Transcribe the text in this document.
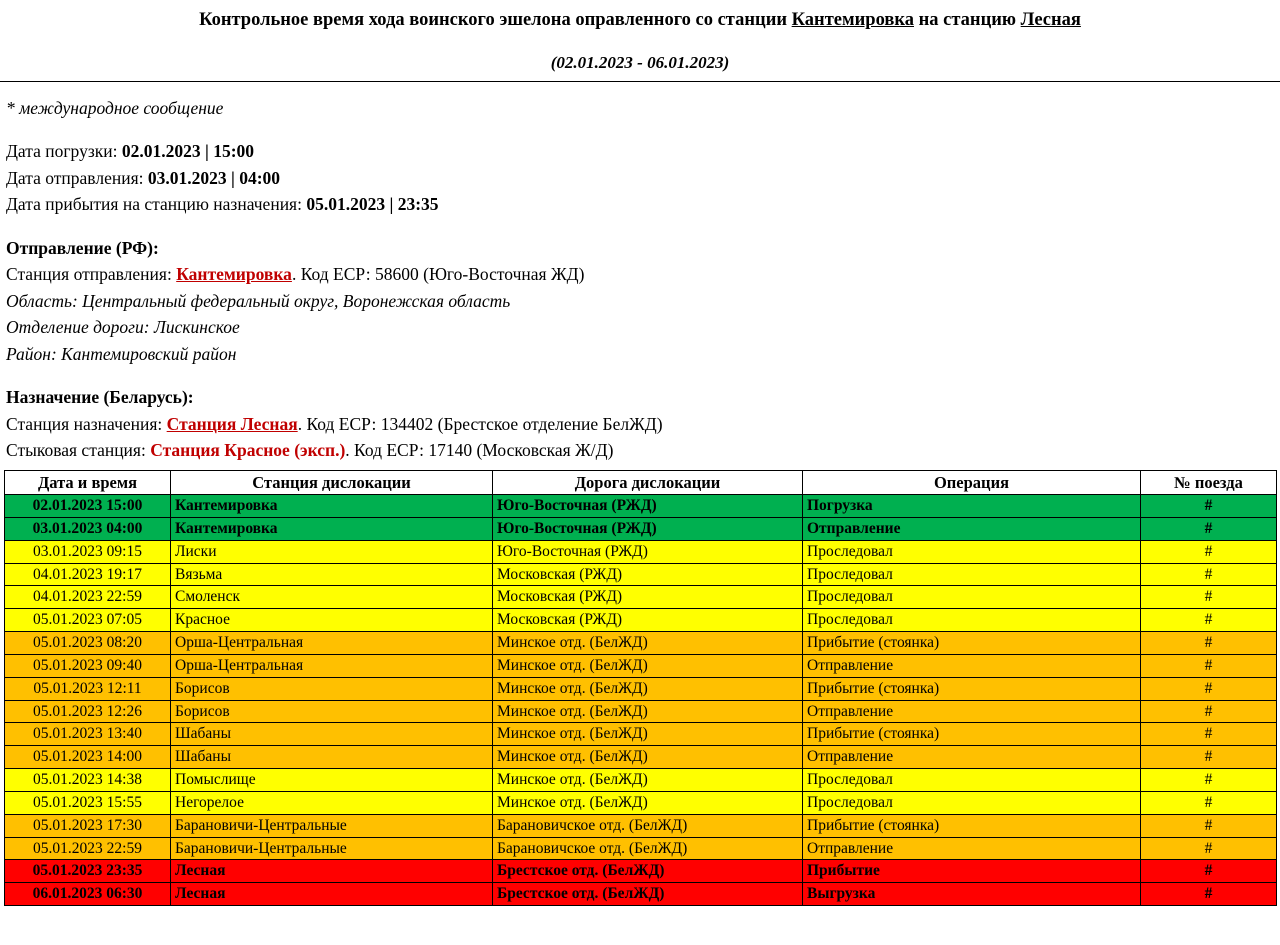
Контрольное время хода воинского эшелона оправленного со станции Кантемировка на станцию Лесная
(02.01.2023 - 06.01.2023)
* международное сообщение
Дата погрузки: 02.01.2023 | 15:00
Дата отправления: 03.01.2023 | 04:00
Дата прибытия на станцию назначения: 05.01.2023 | 23:35
Отправление (РФ):
Станция отправления: Кантемировка. Код ЕСР: 58600 (Юго-Восточная ЖД)
Область: Центральный федеральный округ, Воронежская область
Отделение дороги: Лискинское
Район: Кантемировский район
Назначение (Беларусь):
Станция назначения: Станция Лесная. Код ЕСР: 134402 (Брестское отделение БелЖД)
Стыковая станция: Станция Красное (эксп.). Код ЕСР: 17140 (Московская Ж/Д)
Дата и время	Станция дислокации	Дорога дислокации	Операция	№ поезда
02.01.2023 15:00	Кантемировка	Юго-Восточная (РЖД)	Погрузка	#
03.01.2023 04:00	Кантемировка	Юго-Восточная (РЖД)	Отправление	#
03.01.2023 09:15	Лиски	Юго-Восточная (РЖД)	Проследовал	#
04.01.2023 19:17	Вязьма	Московская (РЖД)	Проследовал	#
04.01.2023 22:59	Смоленск	Московская (РЖД)	Проследовал	#
05.01.2023 07:05	Красное	Московская (РЖД)	Проследовал	#
05.01.2023 08:20	Орша-Центральная	Минское отд. (БелЖД)	Прибытие (стоянка)	#
05.01.2023 09:40	Орша-Центральная	Минское отд. (БелЖД)	Отправление	#
05.01.2023 12:11	Борисов	Минское отд. (БелЖД)	Прибытие (стоянка)	#
05.01.2023 12:26	Борисов	Минское отд. (БелЖД)	Отправление	#
05.01.2023 13:40	Шабаны	Минское отд. (БелЖД)	Прибытие (стоянка)	#
05.01.2023 14:00	Шабаны	Минское отд. (БелЖД)	Отправление	#
05.01.2023 14:38	Помыслище	Минское отд. (БелЖД)	Проследовал	#
05.01.2023 15:55	Негорелое	Минское отд. (БелЖД)	Проследовал	#
05.01.2023 17:30	Барановичи-Центральные	Барановичское отд. (БелЖД)	Прибытие (стоянка)	#
05.01.2023 22:59	Барановичи-Центральные	Барановичское отд. (БелЖД)	Отправление	#
05.01.2023 23:35	Лесная	Брестское отд. (БелЖД)	Прибытие	#
06.01.2023 06:30	Лесная	Брестское отд. (БелЖД)	Выгрузка	#
